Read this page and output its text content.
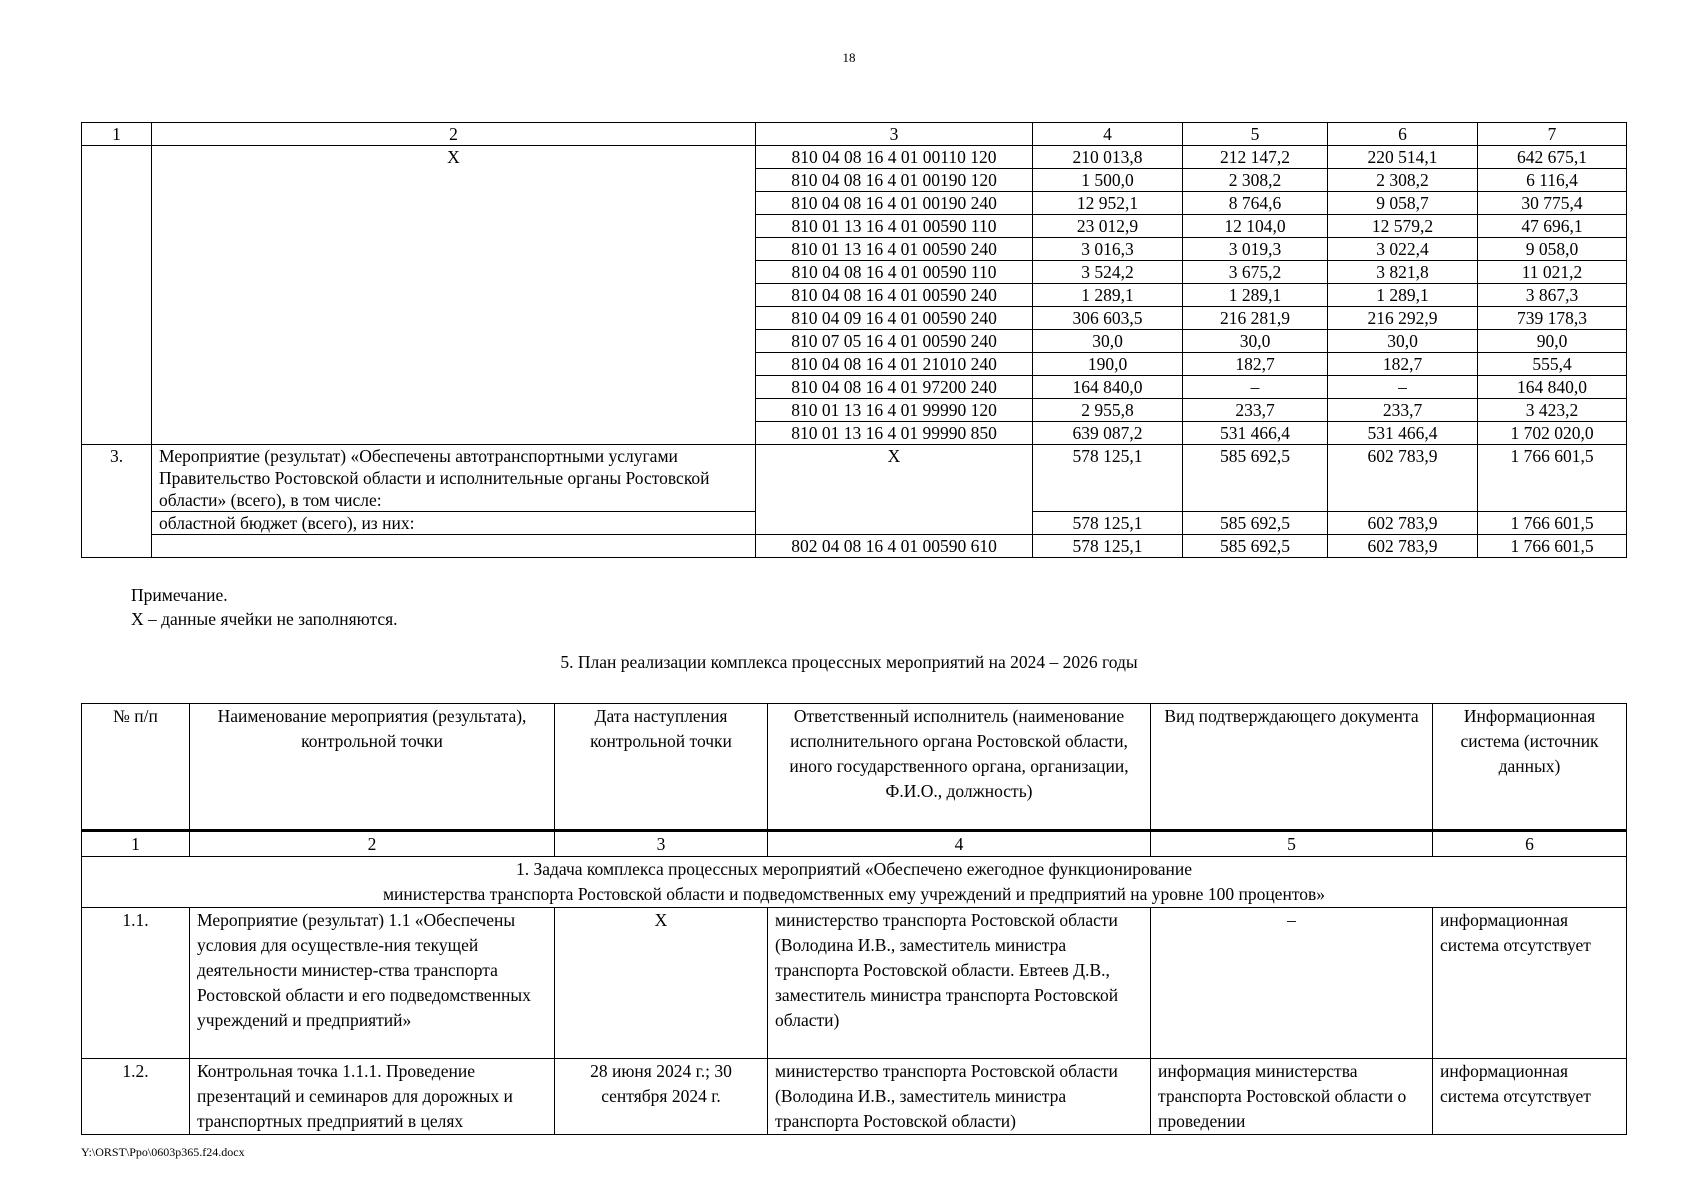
18
1	2	3	4	5	6	7
	X	810 04 08 16 4 01 00110 120	210 013,8	212 147,2	220 514,1	642 675,1
		810 04 08 16 4 01 00190 120	1 500,0	2 308,2	2 308,2	6 116,4
		810 04 08 16 4 01 00190 240	12 952,1	8 764,6	9 058,7	30 775,4
		810 01 13 16 4 01 00590 110	23 012,9	12 104,0	12 579,2	47 696,1
		810 01 13 16 4 01 00590 240	3 016,3	3 019,3	3 022,4	9 058,0
		810 04 08 16 4 01 00590 110	3 524,2	3 675,2	3 821,8	11 021,2
		810 04 08 16 4 01 00590 240	1 289,1	1 289,1	1 289,1	3 867,3
		810 04 09 16 4 01 00590 240	306 603,5	216 281,9	216 292,9	739 178,3
		810 07 05 16 4 01 00590 240	30,0	30,0	30,0	90,0
		810 04 08 16 4 01 21010 240	190,0	182,7	182,7	555,4
		810 04 08 16 4 01 97200 240	164 840,0	–	–	164 840,0
		810 01 13 16 4 01 99990 120	2 955,8	233,7	233,7	3 423,2
		810 01 13 16 4 01 99990 850	639 087,2	531 466,4	531 466,4	1 702 020,0
3.	Мероприятие (результат) «Обеспечены автотранспортными услугами Правительство Ростовской области и исполнительные органы Ростовской области» (всего), в том числе:	X	578 125,1	585 692,5	602 783,9	1 766 601,5
	областной бюджет (всего), из них:		578 125,1	585 692,5	602 783,9	1 766 601,5
		802 04 08 16 4 01 00590 610	578 125,1	585 692,5	602 783,9	1 766 601,5
Примечание.
Х – данные ячейки не заполняются.
5. План реализации комплекса процессных мероприятий на 2024 – 2026 годы
№ п/п	Наименование мероприятия (результата), контрольной точки	Дата наступления контрольной точки	Ответственный исполнитель (наименование исполнительного органа Ростовской области, иного государственного органа, организации, Ф.И.О., должность)	Вид подтверждающего документа	Информационная система (источник данных)
1	2	3	4	5	6

1. Задача комплекса процессных мероприятий «Обеспечено ежегодное функционирование
министерства транспорта Ростовской области и подведомственных ему учреждений и предприятий на уровне 100 процентов»					

1.1.	Мероприятие (результат) 1.1 «Обеспечены условия для осуществле-ния текущей деятельности министер-ства транспорта Ростовской области и его подведомственных учреждений и предприятий»	Х	министерство транспорта Ростовской области (Володина И.В., заместитель министра транспорта Ростовской области. Евтеев Д.В., заместитель министра транспорта Ростовской области)	–	информационная система отсутствует
1.2.	Контрольная точка 1.1.1. Проведение презентаций и семинаров для дорожных и транспортных предприятий в целях	28 июня 2024 г.; 30 сентября 2024 г.	министерство транспорта Ростовской области (Володина И.В., заместитель министра транспорта Ростовской области)	информация министерства транспорта Ростовской области о проведении	информационная система отсутствует
Y:\ORST\Ppo\0603p365.f24.docx
